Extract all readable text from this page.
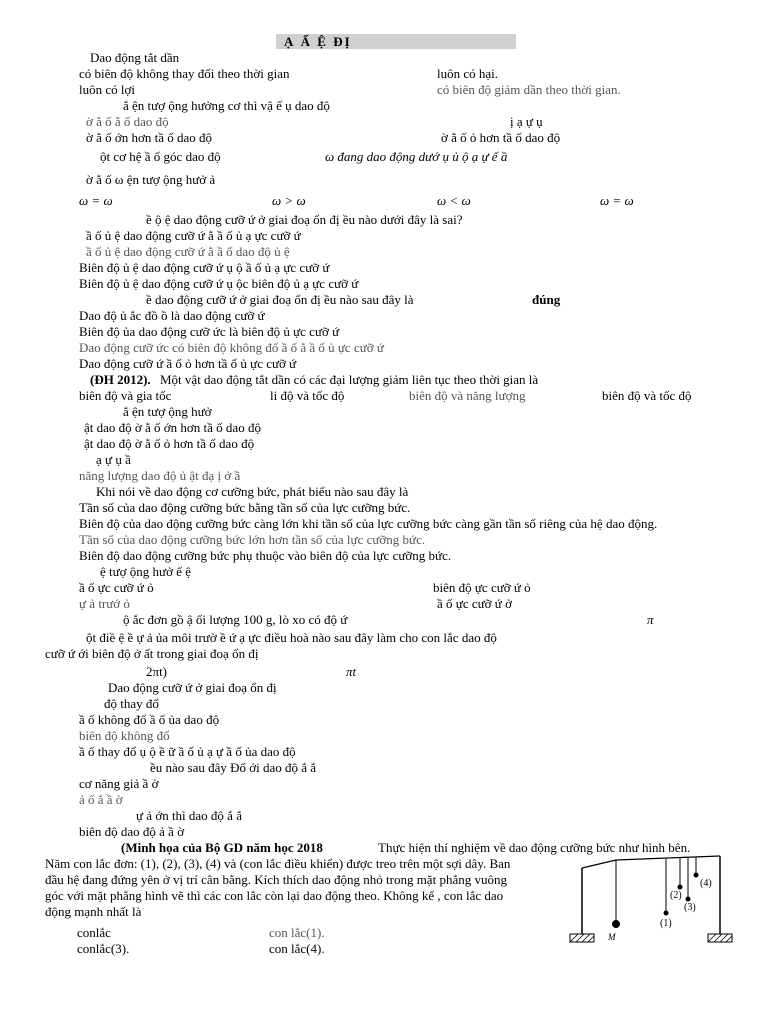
Ạ Ấ Ệ ĐỊ
Dao động tắt dần
có biên độ không thay đổi theo thời gian	luôn có hại.
luôn có lợi	có biên độ giảm dần theo thời gian.
ắ ện tượ ộng hưởng cơ thì vậ ế ụ dao độ
ờ ằ ố ằ ố dao độ	ị ạ ự ụ
ờ ằ ố ớn hơn tầ ố dao độ	ờ ằ ố ỏ hơn tầ ố dao độ
ột cơ hệ ầ ố góc dao độ	ω đang dao động dướ ụ ủ ộ ạ ự ế ầ
ờ ằ ố ω ện tượ ộng hưở ả
ω = ω	ω > ω	ω < ω	ω = ω
ề ộ ệ dao động cưỡ ứ ở giai đoạ ổn đị ều nào dưới đây là sai?
ầ ố ủ ệ dao động cưỡ ứ ằ ầ ố ủ ạ ực cưỡ ứ
ầ ố ủ ệ dao động cưỡ ứ ằ ầ ố dao độ ủ ệ
Biên độ ủ ệ dao động cưỡ ứ ụ ộ ầ ố ủ ạ ực cưỡ ứ
Biên độ ủ ệ dao động cưỡ ứ ụ ộc biên độ ủ ạ ực cưỡ ứ
ề dao động cưỡ ứ ở giai đoạ ổn đị ều nào sau đây là	đúng
Dao độ ủ ắc đồ ồ là dao động cưỡ ứ
Biên độ ủa dao động cưỡ ức là biên độ ủ ực cưỡ ứ
Dao động cưỡ ức có biên độ không đổ ầ ố ằ ầ ố ủ ực cưỡ ứ
Dao động cưỡ ứ ầ ố ỏ hơn tầ ố ủ ực cưỡ ứ
(ĐH 2012). Một vật dao động tắt dần có các đại lượng giảm liên tục theo thời gian là
biên độ và gia tốc	li độ và tốc độ	biên độ và năng lượng	biên độ và tốc độ
ắ ện tượ ộng hưở
ật dao độ ờ ằ ố ớn hơn tầ ố dao độ
ật dao độ ờ ằ ố ỏ hơn tầ ố dao độ
ạ ự ụ ầ
năng lượng dao độ ủ ật đạ ị ở ầ
Khi nói về dao động cơ cưỡng bức, phát biểu nào sau đây là
Tần số của dao động cưỡng bức bằng tần số của lực cưỡng bức.
Biên độ của dao động cưỡng bức càng lớn khi tần số của lực cưỡng bức càng gần tần số riêng của hệ dao động.
Tần số của dao động cưỡng bức lớn hơn tần số của lực cưỡng bức.
Biên độ dao động cưỡng bức phụ thuộc vào biên độ của lực cưỡng bức.
ệ tượ ộng hưở ế ệ
ầ ố ực cưỡ ứ ỏ	biên độ ực cưỡ ứ ỏ
ự ả trướ ỏ	ầ ố ực cưỡ ứ ở
ộ ắc đơn gồ ậ ối lượng 100 g, lò xo có độ ứ	π
ột điề ệ ề ự ả ủa môi trườ ề ứ ạ ực điều hoà nào sau đây làm cho con lắc dao độ
cưỡ ứ ới biên độ ở ất trong giai đoạ ổn đị
2πt)	πt
Dao động cưỡ ứ ở giai đoạ ổn đị
độ thay đổ
ầ ố không đổ ầ ố ủa dao độ
biên độ không đổ
ầ ố thay đổ ụ ộ ề ữ ầ ố ủ ạ ự ầ ố ủa dao độ
ều nào sau đây Đố ới dao độ ắ ắ
cơ năng giả ầ ờ
ả ố ắ ầ ờ
ự ả ớn thì dao độ ắ ắ
biên độ dao độ ả ầ ờ
(Minh họa của Bộ GD năm học 2018	Thực hiện thí nghiệm về dao động cưỡng bức như hình bên.
Năm con lắc đơn: (1), (2), (3), (4) và (con lắc điều khiển) được treo trên một sợi dây. Ban
đầu hệ đang đứng yên ở vị trí cân bằng. Kích thích dao động nhỏ trong mặt phẳng vuông
góc với mặt phẳng hình vẽ thì các con lắc còn lại dao động theo. Không kể , con lắc dao
động mạnh nhất là
conlắc	con lắc(1).
conlắc(3).	con lắc(4).
(4)
(2)
(3)
(1)
M
